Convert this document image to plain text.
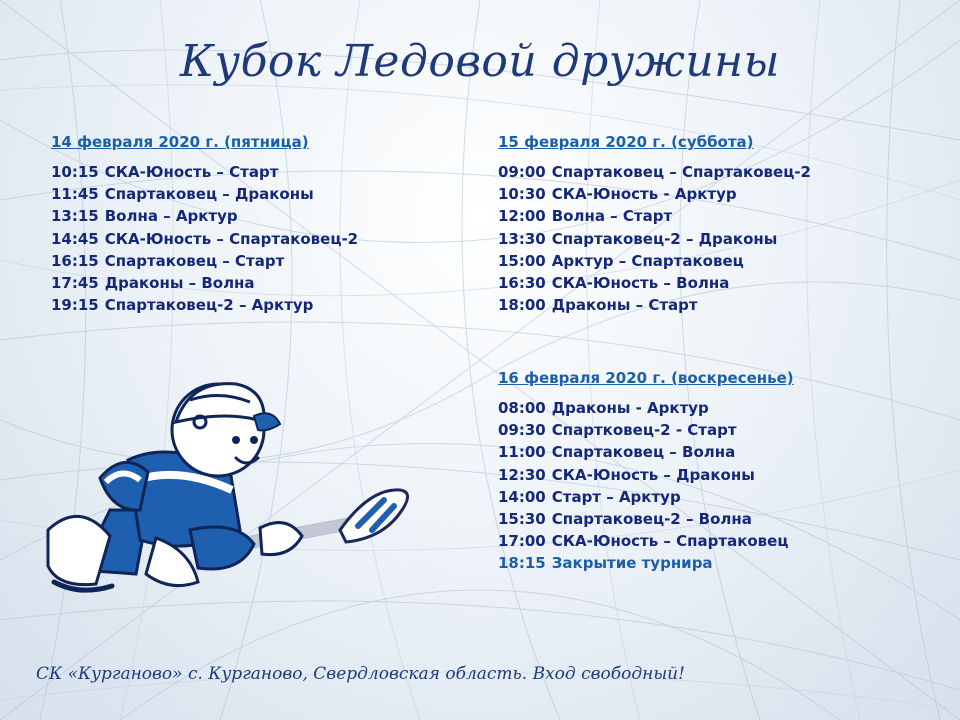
Кубок Ледовой дружины
14 февраля 2020 г. (пятница)
10:15 СКА-Юность – Старт
11:45 Спартаковец – Драконы
13:15 Волна – Арктур
14:45 СКА-Юность – Спартаковец-2
16:15 Спартаковец – Старт
17:45 Драконы – Волна
19:15 Спартаковец-2 – Арктур
15 февраля 2020 г. (суббота)
09:00 Спартаковец – Спартаковец-2
10:30 СКА-Юность - Арктур
12:00 Волна – Старт
13:30 Спартаковец-2 – Драконы
15:00 Арктур – Спартаковец
16:30 СКА-Юность – Волна
18:00 Драконы – Старт
16 февраля 2020 г. (воскресенье)
08:00 Драконы - Арктур
09:30 Спартковец-2 - Старт
11:00 Спартаковец – Волна
12:30 СКА-Юность – Драконы
14:00 Старт – Арктур
15:30 Спартаковец-2 – Волна
17:00 СКА-Юность – Спартаковец
18:15 Закрытие турнира
СК «Курганово» с. Курганово, Свердловская область. Вход свободный!
